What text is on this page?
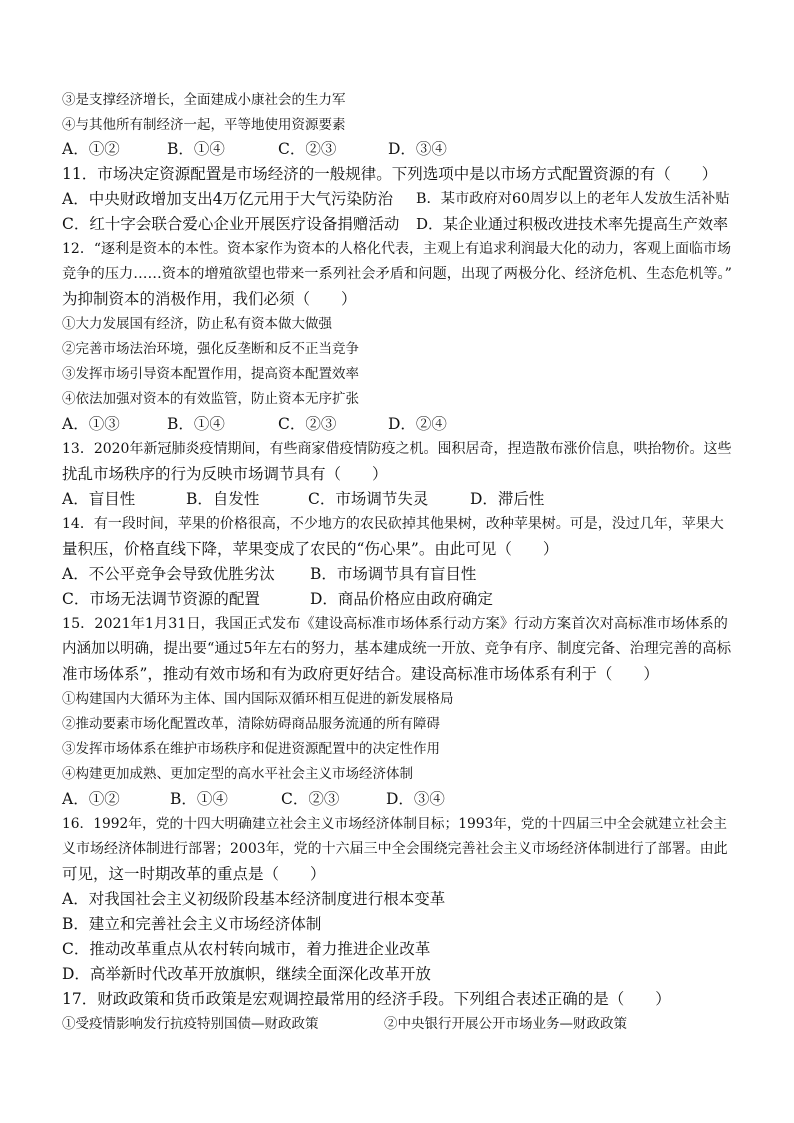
③是支撑经济增长，全面建成小康社会的生力军
④与其他所有制经济一起，平等地使用资源要素
A．①②	B．①④	C．②③	D．③④
11．市场决定资源配置是市场经济的一般规律。下列选项中是以市场方式配置资源的有（　　）
A．中央财政增加支出4万亿元用于大气污染防治 B．某市政府对60周岁以上的老年人发放生活补贴
C．红十字会联合爱心企业开展医疗设备捐赠活动 D．某企业通过积极改进技术率先提高生产效率
12．“逐利是资本的本性。资本家作为资本的人格化代表，主观上有追求利润最大化的动力，客观上面临市场
竞争的压力……资本的增殖欲望也带来一系列社会矛盾和问题，出现了两极分化、经济危机、生态危机等。”
为抑制资本的消极作用，我们必须（　　）
①大力发展国有经济，防止私有资本做大做强
②完善市场法治环境，强化反垄断和反不正当竞争
③发挥市场引导资本配置作用，提高资本配置效率
④依法加强对资本的有效监管，防止资本无序扩张
A．①③	B．①④	C．②③	D．②④
13．2020年新冠肺炎疫情期间，有些商家借疫情防疫之机。囤积居奇，捏造散布涨价信息，哄抬物价。这些
扰乱市场秩序的行为反映市场调节具有（　　）
A．盲目性	B．自发性	C．市场调节失灵	D．滞后性
14．有一段时间，苹果的价格很高，不少地方的农民砍掉其他果树，改种苹果树。可是，没过几年，苹果大
量积压，价格直线下降，苹果变成了农民的“伤心果”。由此可见（　　）
A．不公平竞争会导致优胜劣汰 B．市场调节具有盲目性
C．市场无法调节资源的配置	D．商品价格应由政府确定
15．2021年1月31日，我国正式发布《建设高标准市场体系行动方案》行动方案首次对高标准市场体系的
内涵加以明确，提出要“通过5年左右的努力，基本建成统一开放、竞争有序、制度完备、治理完善的高标
准市场体系”，推动有效市场和有为政府更好结合。建设高标准市场体系有利于（　　）
①构建国内大循环为主体、国内国际双循环相互促进的新发展格局
②推动要素市场化配置改革，清除妨碍商品服务流通的所有障碍
③发挥市场体系在维护市场秩序和促进资源配置中的决定性作用
④构建更加成熟、更加定型的高水平社会主义市场经济体制
A．①②	B．①④	C．②③	D．③④
16．1992年，党的十四大明确建立社会主义市场经济体制目标；1993年，党的十四届三中全会就建立社会主
义市场经济体制进行部署；2003年，党的十六届三中全会围绕完善社会主义市场经济体制进行了部署。由此
可见，这一时期改革的重点是（　　）
A．对我国社会主义初级阶段基本经济制度进行根本变革
B．建立和完善社会主义市场经济体制
C．推动改革重点从农村转向城市，着力推进企业改革
D．高举新时代改革开放旗帜，继续全面深化改革开放
17．财政政策和货币政策是宏观调控最常用的经济手段。下列组合表述正确的是（　　）
①受疫情影响发行抗疫特别国债—财政政策	②中央银行开展公开市场业务—财政政策
